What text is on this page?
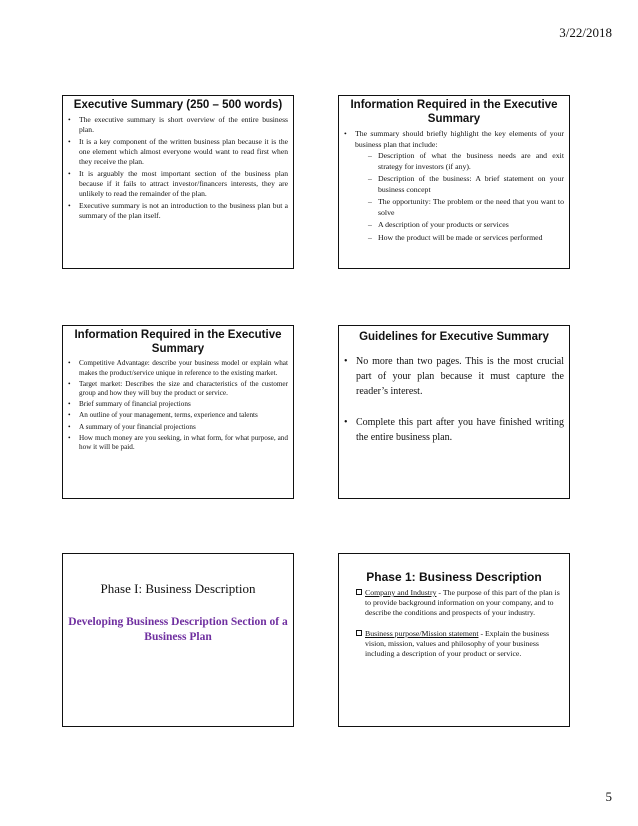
3/22/2018
Executive Summary (250 – 500 words)
• The executive summary is short overview of the entire business plan.
• It is a key component of the written business plan because it is the one element which almost everyone would want to read first when they receive the plan.
• It is arguably the most important section of the business plan because if it fails to attract investor/financers interests, they are unlikely to read the remainder of the plan.
• Executive summary is not an introduction to the business plan but a summary of the plan itself.
Information Required in the Executive Summary
• The summary should briefly highlight the key elements of your business plan that include:
– Description of what the business needs are and exit strategy for investors (if any).
– Description of the business: A brief statement on your business concept
– The opportunity: The problem or the need that you want to solve
– A description of your products or services
– How the product will be made or services performed
Information Required in the Executive Summary
• Competitive Advantage: describe your business model or explain what makes the product/service unique in reference to the existing market.
• Target market: Describes the size and characteristics of the customer group and how they will buy the product or service.
• Brief summary of financial projections
• An outline of your management, terms, experience and talents
• A summary of your financial projections
• How much money are you seeking, in what form, for what purpose, and how it will be paid.
Guidelines for Executive Summary
• No more than two pages. This is the most crucial part of your plan because it must capture the reader’s interest.
• Complete this part after you have finished writing the entire business plan.
Phase I: Business Description
Developing Business Description Section of a Business Plan
Phase 1: Business Description
Company and Industry - The purpose of this part of the plan is to provide background information on your company, and to describe the conditions and prospects of your industry.
Business purpose/Mission statement - Explain the business vision, mission, values and philosophy of your business including a description of your product or service.
5
